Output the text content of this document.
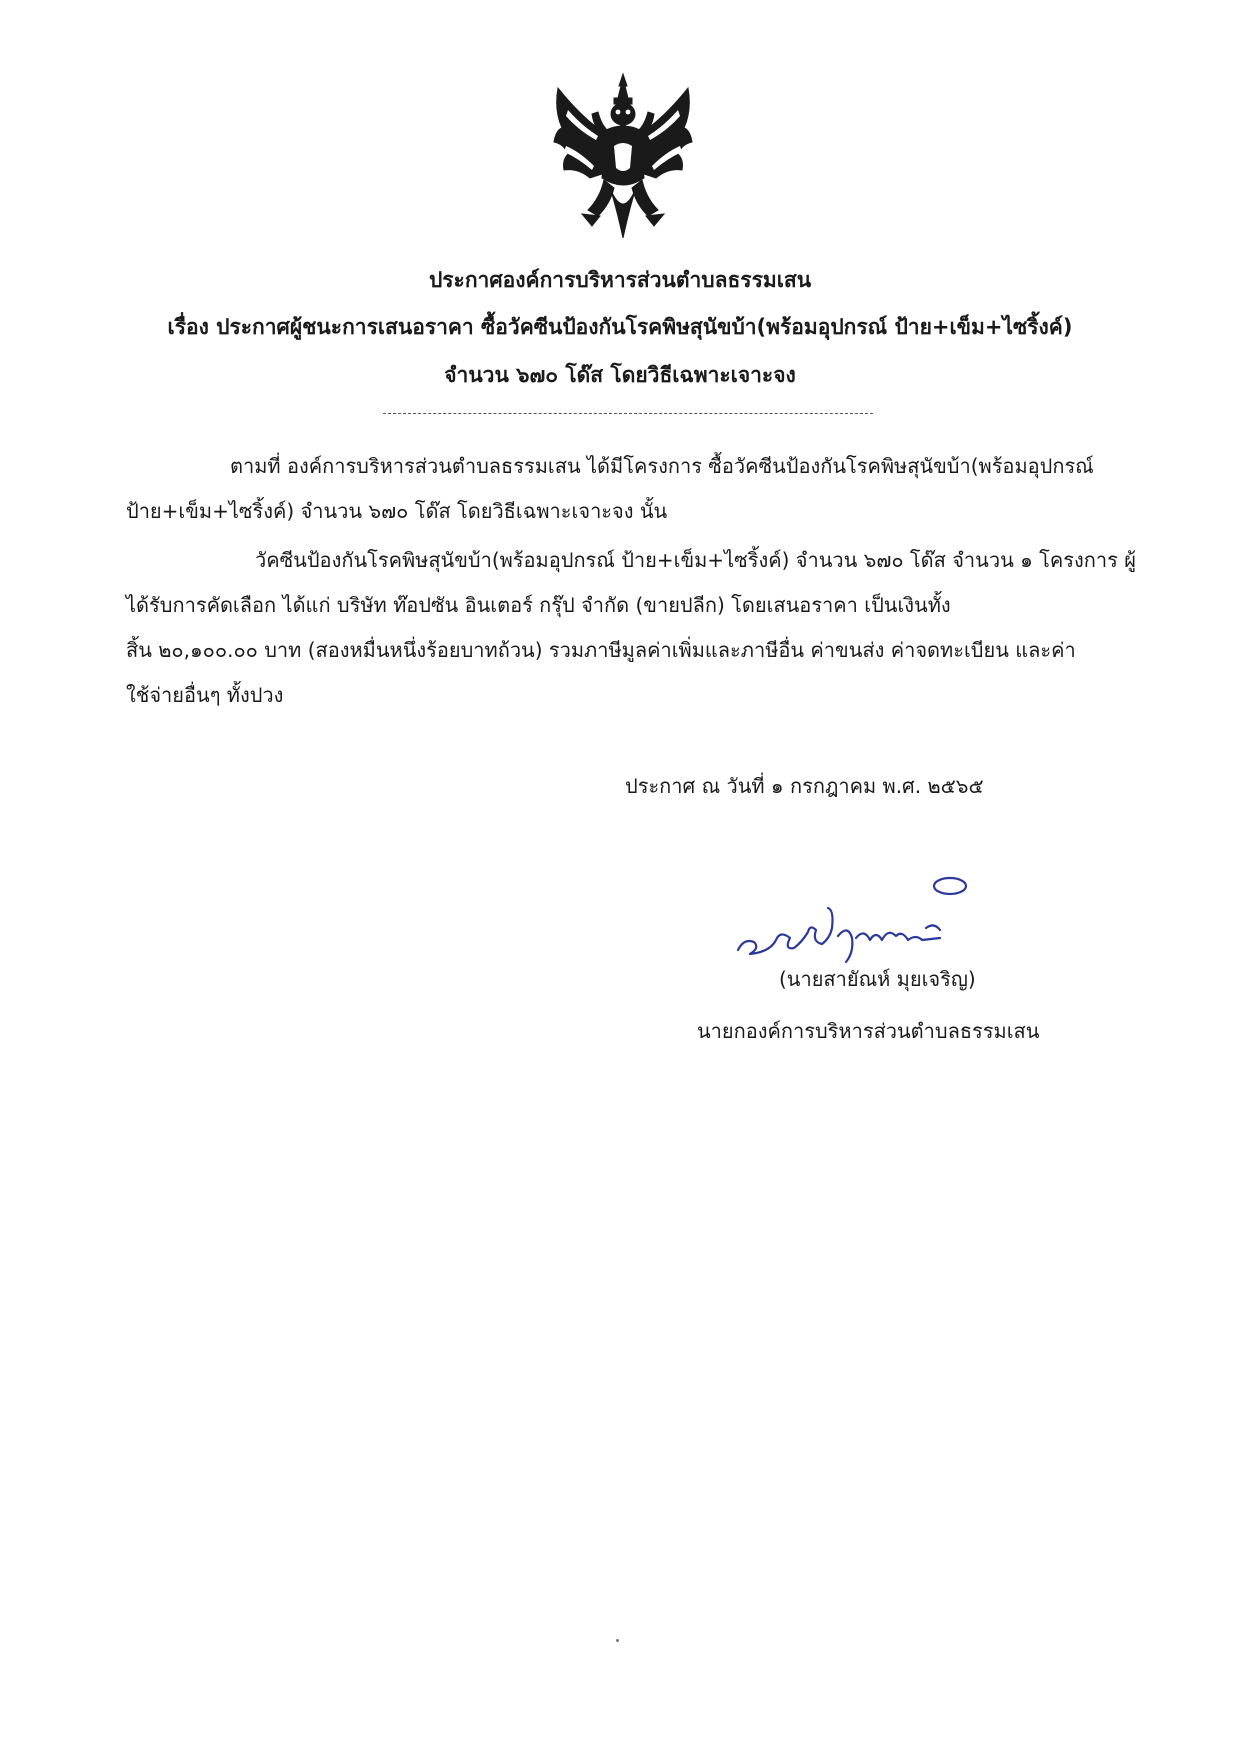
ประกาศองค์การบริหารส่วนตำบลธรรมเสน
เรื่อง ประกาศผู้ชนะการเสนอราคา ซื้อวัคซีนป้องกันโรคพิษสุนัขบ้า(พร้อมอุปกรณ์ ป้าย+เข็ม+ไซริ้งค์)
จำนวน ๖๗๐ โด๊ส โดยวิธีเฉพาะเจาะจง
ตามที่ องค์การบริหารส่วนตำบลธรรมเสน ได้มีโครงการ ซื้อวัคซีนป้องกันโรคพิษสุนัขบ้า(พร้อมอุปกรณ์
ป้าย+เข็ม+ไซริ้งค์) จำนวน ๖๗๐ โด๊ส โดยวิธีเฉพาะเจาะจง นั้น
วัคซีนป้องกันโรคพิษสุนัขบ้า(พร้อมอุปกรณ์ ป้าย+เข็ม+ไซริ้งค์) จำนวน ๖๗๐ โด๊ส จำนวน ๑ โครงการ ผู้
ได้รับการคัดเลือก ได้แก่ บริษัท ท๊อปซัน อินเตอร์ กรุ๊ป จำกัด (ขายปลีก) โดยเสนอราคา เป็นเงินทั้ง
สิ้น ๒๐,๑๐๐.๐๐ บาท (สองหมื่นหนึ่งร้อยบาทถ้วน) รวมภาษีมูลค่าเพิ่มและภาษีอื่น ค่าขนส่ง ค่าจดทะเบียน และค่า
ใช้จ่ายอื่นๆ ทั้งปวง
ประกาศ ณ วันที่ ๑ กรกฎาคม พ.ศ. ๒๕๖๕
(นายสายัณห์ มุยเจริญ)
นายกองค์การบริหารส่วนตำบลธรรมเสน
